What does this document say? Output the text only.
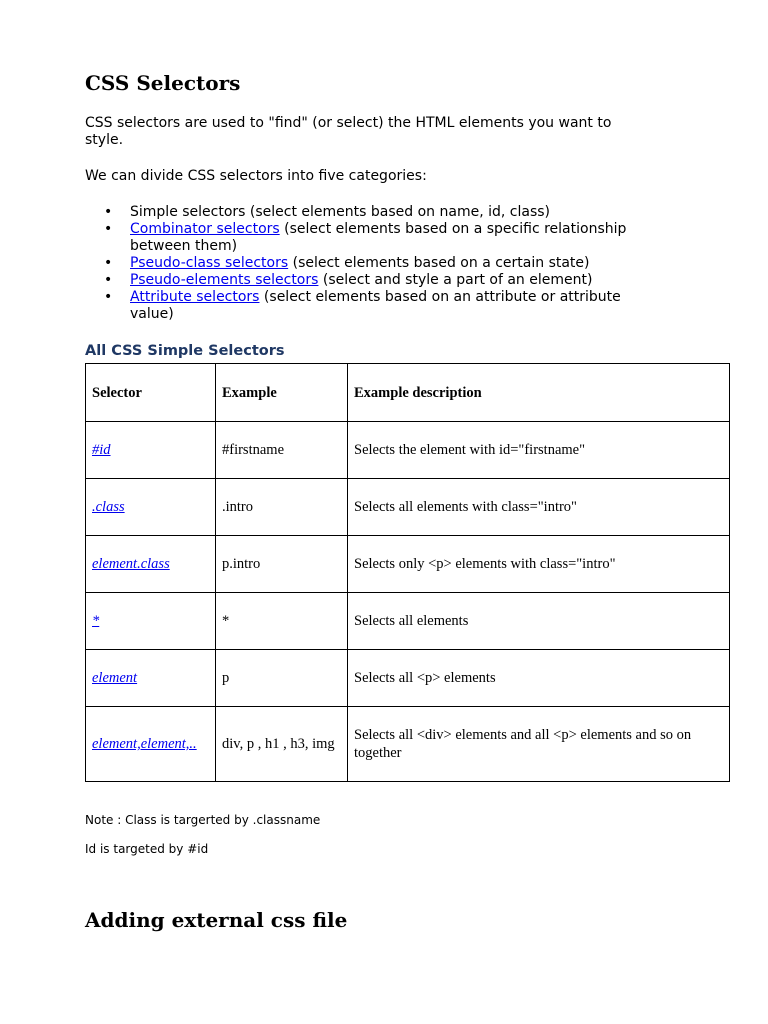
CSS Selectors

CSS selectors are used to "find" (or select) the HTML elements you want to style.

We can divide CSS selectors into five categories:

• Simple selectors (select elements based on name, id, class)
• Combinator selectors (select elements based on a specific relationship between them)
• Pseudo-class selectors (select elements based on a certain state)
• Pseudo-elements selectors (select and style a part of an element)
• Attribute selectors (select elements based on an attribute or attribute value)
All CSS Simple Selectors
Selector	Example	Example description
#id	#firstname	Selects the element with id="firstname"
.class	.intro	Selects all elements with class="intro"
element.class	p.intro	Selects only <p> elements with class="intro"
*	*	Selects all elements
element	p	Selects all <p> elements
element,element,..	div, p , h1 , h3, img	Selects all <div> elements and all <p> elements and so on together

Note : Class is targerted by .classname

Id is targeted by #id

Adding external css file
